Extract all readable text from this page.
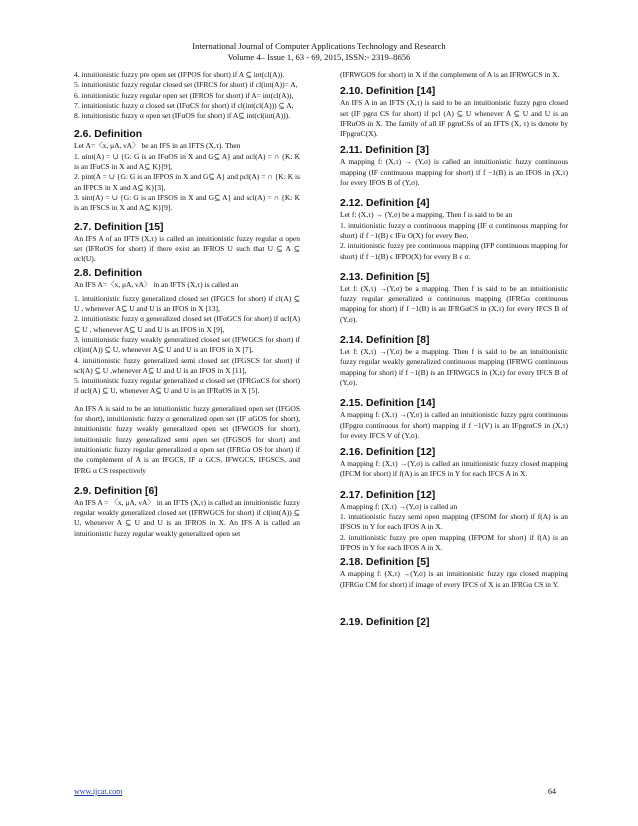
International Journal of Computer Applications Technology and Research
Volume 4– Issue 1, 63 - 69, 2015, ISSN:- 2319–8656
4. intuitionistic fuzzy pre open set (IFPOS for short) if A ⊆ int(cl(A)).
5. intuitionistic fuzzy regular closed set (IFRCS for short) if cl(int(A))= A,
6. intuitionistic fuzzy regular open set (IFROS for short) if A= int(cl(A)),
7. intuitionistic fuzzy α closed set (IFαCS for short) if cl(int(cl(A))) ⊆ A,
8. intuitionistic fuzzy α open set (IFαOS for short) if A⊆ int(cl(int(A))).
2.6. Definition
Let A=〈x, μA, νA〉 be an IFS in an IFTS (X,τ). Then
1. αint(A) = ∪ {G: G is an IFαOS in X and G⊆ A} and αcl(A) = ∩ {K: K is an IFαCS in X and A⊆ K}[9],
2. pint(A = ∪ {G: G is an IFPOS in X and G⊆ A} and pcl(A) = ∩ {K: K is an IFPCS in X and A⊆ K}[3],
3. sint(A) = ∪ {G: G is an IFSOS in X and G⊆ A} and scl(A) = ∩ {K: K is an IFSCS in X and A⊆ K}[9].
2.7. Definition [15]
An IFS A of an IFTS (X,τ) is called an intuitionistic fuzzy regular α open set (IFRαOS for short) if there exist an IFROS U such that U ⊆ A ⊆ αcl(U).
2.8. Definition
An IFS A=〈x, μA, νA〉 in an IFTS (X,τ) is called an
1. intuitionistic fuzzy generalized closed set (IFGCS for short) if cl(A) ⊆ U , whenever A⊆ U and U is an IFOS in X [13],
2. intuitionistic fuzzy α generalized closed set (IFαGCS for short) if αcl(A) ⊆ U , whenever A⊆ U and U is an IFOS in X [9],
3. intuitionistic fuzzy weakly generalized closed set (IFWGCS for short) if cl(int(A)) ⊆ U, whenever A⊆ U and U is an IFOS in X [7],
4. intuitionistic fuzzy generalized semi closed set (IFGSCS for short) if scl(A) ⊆ U ,whenever A⊆ U and U is an IFOS in X [11],
5. intuitionistic fuzzy regular generalized α closed set (IFRGαCS for short) if αcl(A) ⊆ U, whenever A⊆ U and U is an IFRαOS in X [5].
An IFS A is said to be an intuitionistic fuzzy generalized open set (IFGOS for short), intuitionistic fuzzy α generalized open set (IF αGOS for short), intuitionistic fuzzy weakly generalized open set (IFWGOS for short), intuitionistic fuzzy generalized semi open set (IFGSOS for short) and intuitionistic fuzzy regular generalized α open set (IFRGα OS for short) if the complement of A is an IFGCS, IF α GCS, IFWGCS, IFGSCS, and IFRG α CS respectively
2.9. Definition [6]
An IFS A = 〈x, μA, νA〉 in an IFTS (X,τ) is called an intuitionistic fuzzy regular weakly generalized closed set (IFRWGCS for short) if cl(int(A)) ⊆ U, whenever A ⊆ U and U is an IFROS in X. An IFS A is called an intuitionistic fuzzy regular weakly generalized open set
(IFRWGOS for short) in X if the complement of A is an IFRWGCS in X.
2.10. Definition [14]
An IFS A in an IFTS (X,τ) is said to be an intuitionistic fuzzy pgrα closed set (IF pgrα CS for short) if pcl (A) ⊆ U whenever A ⊆ U and U is an IFRαOS in X. The family of all IF pgrαCSs of an IFTS (X, τ) is denote by IFpgrαC(X).
2.11. Definition [3]
A mapping f: (X,τ) → (Y,σ) is called an intuitionistic fuzzy continuous mapping (IF continuous mapping for short) if f −1(B) is an IFOS in (X,τ) for every IFOS B of (Y,σ).
2.12. Definition [4]
Let f: (X,τ) → (Y,σ) be a mapping. Then f is said to be an
1. intuitionistic fuzzy α continuous mapping (IF α continuous mapping for short) if f −1(B) ϵ IFα O(X) for every Beσ,
2. intuitionistic fuzzy pre continuous mapping (IFP continuous mapping for short) if f −1(B) ϵ IFPO(X) for every B ϵ σ.
2.13. Definition [5]
Let f: (X,τ) →(Y,σ) be a mapping. Then f is said to be an intuitionistic fuzzy regular generalized α continuous mapping (IFRGα continuous mapping for short) if f −1(B) is an IFRGαCS in (X,τ) for every IFCS B of (Y,σ).
2.14. Definition [8]
Let f: (X,τ) →(Y,σ) be a mapping. Then f is said to be an intuitionistic fuzzy regular weakly generalized continuous mapping (IFRWG continuous mapping for short) if f −1(B) is an IFRWGCS in (X,τ) for every IFCS B of (Y,σ).
2.15. Definition [14]
A mapping f: (X,τ) →(Y,σ) is called an intuitionistic fuzzy pgrα continuous (IFpgrα continuous for short) mapping if f −1(V) is an IFpgrαCS in (X,τ) for every IFCS V of (Y,σ).
2.16. Definition [12]
A mapping f: (X,τ) →(Y,σ) is called an intuitionistic fuzzy closed mapping (IFCM for short) if f(A) is an IFCS in Y for each IFCS A in X.
2.17. Definition [12]
A mapping f: (X,τ) →(Y,σ) is called an
1. intuitionistic fuzzy semi open mapping (IFSOM for short) if f(A) is an IFSOS in Y for each IFOS A in X.
2. intuitionistic fuzzy pre open mapping (IFPOM for short) if f(A) is an IFPOS in Y for each IFOS A in X.
2.18. Definition [5]
A mapping f: (X,τ) →(Y,σ) is an intuitionistic fuzzy rgα closed mapping (IFRGα CM for short) if image of every IFCS of X is an IFRGα CS in Y.
2.19. Definition [2]
www.ijcat.com	64
